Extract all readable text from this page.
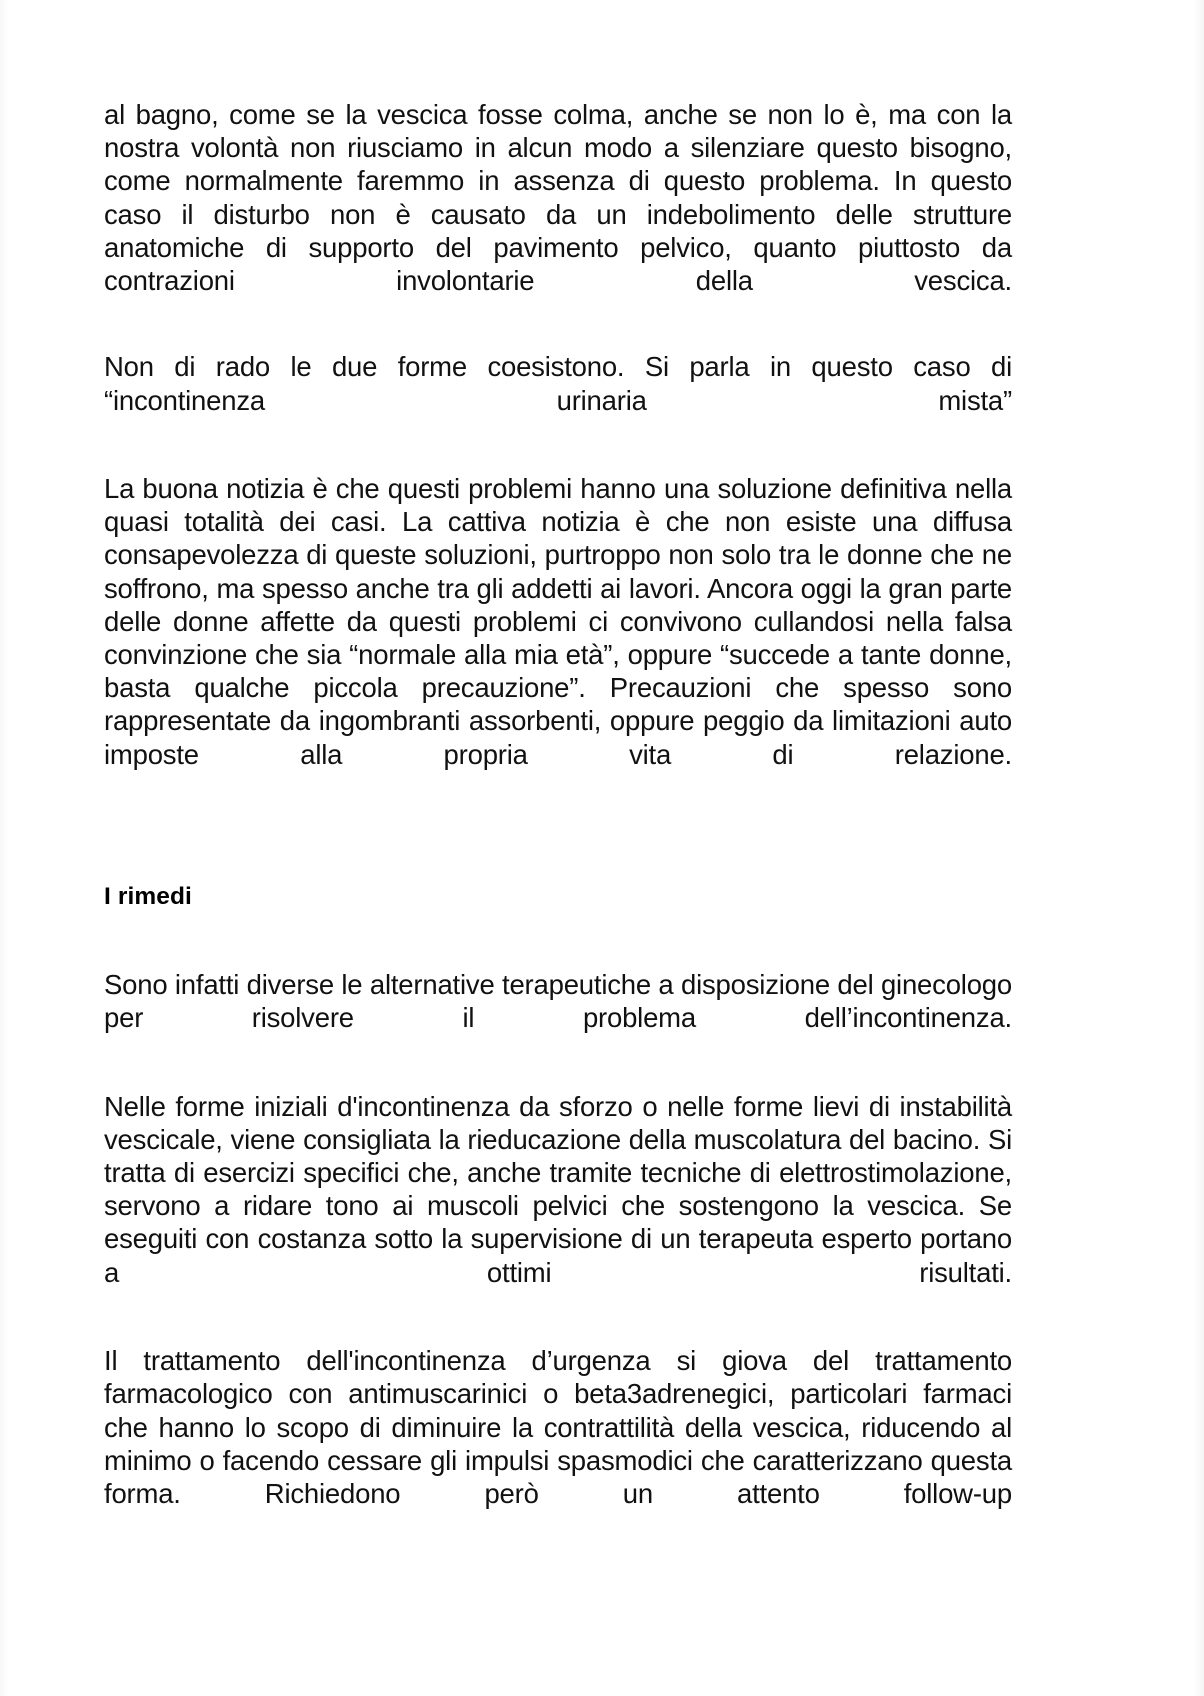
al bagno, come se la vescica fosse colma, anche se non lo è, ma con la nostra volontà non riusciamo in alcun modo a silenziare questo bisogno, come normalmente faremmo in assenza di questo problema. In questo caso il disturbo non è causato da un indebolimento delle strutture anatomiche di supporto del pavimento pelvico, quanto piuttosto da contrazioni involontarie della vescica.

Non di rado le due forme coesistono. Si parla in questo caso di “incontinenza urinaria mista”

La buona notizia è che questi problemi hanno una soluzione definitiva nella quasi totalità dei casi. La cattiva notizia è che non esiste una diffusa consapevolezza di queste soluzioni, purtroppo non solo tra le donne che ne soffrono, ma spesso anche tra gli addetti ai lavori. Ancora oggi la gran parte delle donne affette da questi problemi ci convivono cullandosi nella falsa convinzione che sia “normale alla mia età”, oppure “succede a tante donne, basta qualche piccola precauzione”. Precauzioni che spesso sono rappresentate da ingombranti assorbenti, oppure peggio da limitazioni auto imposte alla propria vita di relazione.

I rimedi

Sono infatti diverse le alternative terapeutiche a disposizione del ginecologo per risolvere il problema dell’incontinenza.

Nelle forme iniziali d'incontinenza da sforzo o nelle forme lievi di instabilità vescicale, viene consigliata la rieducazione della muscolatura del bacino. Si tratta di esercizi specifici che, anche tramite tecniche di elettrostimolazione, servono a ridare tono ai muscoli pelvici che sostengono la vescica. Se eseguiti con costanza sotto la supervisione di un terapeuta esperto portano a ottimi risultati.

Il trattamento dell'incontinenza d’urgenza si giova del trattamento farmacologico con antimuscarinici o beta3adrenegici, particolari farmaci che hanno lo scopo di diminuire la contrattilità della vescica, riducendo al minimo o facendo cessare gli impulsi spasmodici che caratterizzano questa forma. Richiedono però un attento follow-up
